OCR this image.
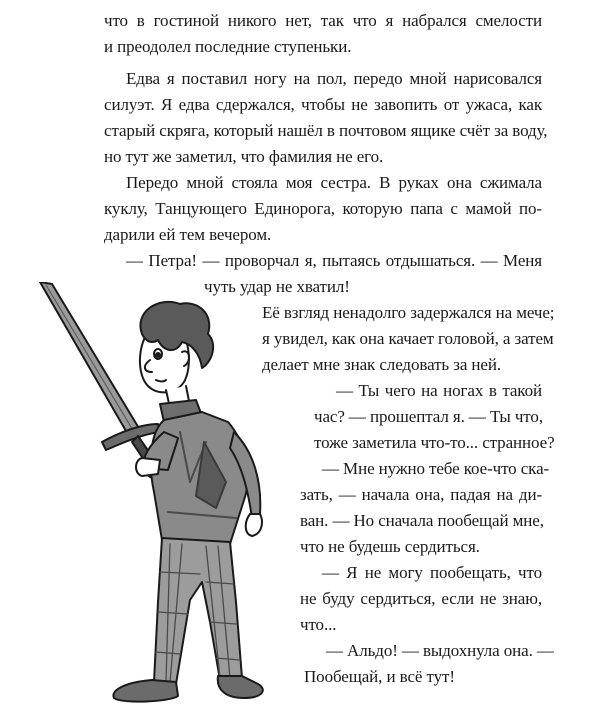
что в гостиной никого нет, так что я набрался смелости
и преодолел последние ступеньки.
Едва я поставил ногу на пол, передо мной нарисовался
силуэт. Я едва сдержался, чтобы не завопить от ужаса, как
старый скряга, который нашёл в почтовом ящике счёт за воду,
но тут же заметил, что фамилия не его.
Передо мной стояла моя сестра. В руках она сжимала
куклу, Танцующего Единорога, которую папа с мамой по-
дарили ей тем вечером.
— Петра! — проворчал я, пытаясь отдышаться. — Меня
чуть удар не хватил!
Её взгляд ненадолго задержался на мече;
я увидел, как она качает головой, а затем
делает мне знак следовать за ней.
— Ты чего на ногах в такой
час? — прошептал я. — Ты что,
тоже заметила что-то... странное?
— Мне нужно тебе кое-что ска-
зать, — начала она, падая на ди-
ван. — Но сначала пообещай мне,
что не будешь сердиться.
— Я не могу пообещать, что
не буду сердиться, если не знаю,
что...
— Альдо! — выдохнула она. —
Пообещай, и всё тут!
